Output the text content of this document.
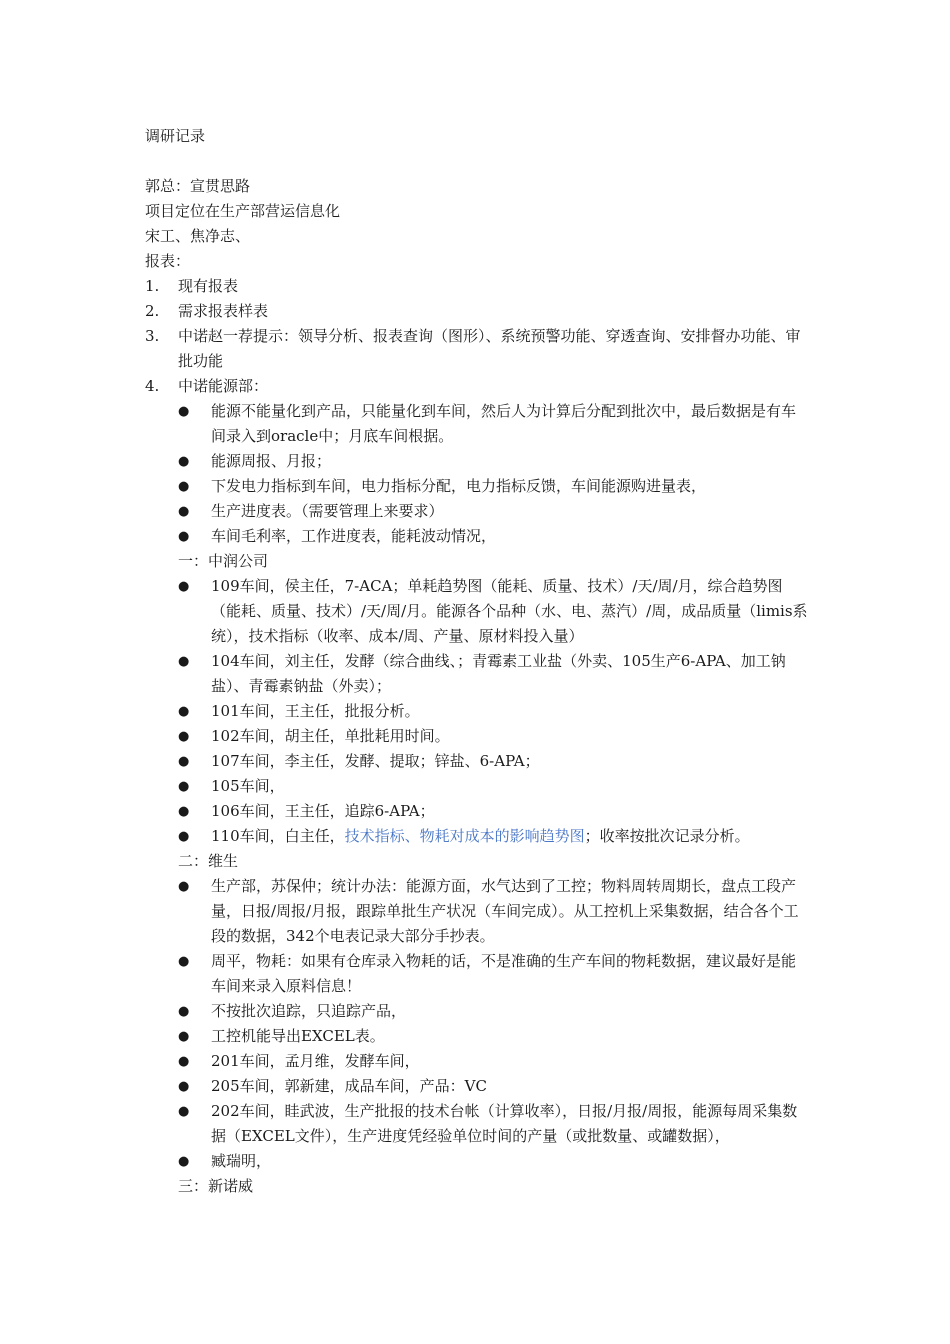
调研记录
郭总：宣贯思路
项目定位在生产部营运信息化
宋工、焦净志、
报表：
1.	现有报表
2.	需求报表样表
3.	中诺赵一荐提示：领导分析、报表查询（图形）、系统预警功能、穿透查询、安排督办功能、审批功能
4.	中诺能源部：
●	能源不能量化到产品，只能量化到车间，然后人为计算后分配到批次中，最后数据是有车间录入到oracle中；月底车间根据。

●	能源周报、月报；

●	下发电力指标到车间，电力指标分配，电力指标反馈，车间能源购进量表，

●	生产进度表。（需要管理上来要求）

●	车间毛利率，工作进度表，能耗波动情况，

一：中润公司
●	109车间，侯主任，7-ACA；单耗趋势图（能耗、质量、技术）/天/周/月，综合趋势图（能耗、质量、技术）/天/周/月。能源各个品种（水、电、蒸汽）/周，成品质量（limis系统），技术指标（收率、成本/周、产量、原材料投入量）

●	104车间，刘主任，发酵（综合曲线、；青霉素工业盐（外卖、105生产6-APA、加工钠盐）、青霉素钠盐（外卖）；

●	101车间，王主任，批报分析。

●	102车间，胡主任，单批耗用时间。

●	107车间，李主任，发酵、提取；锌盐、6-APA；

●	105车间，

●	106车间，王主任，追踪6-APA；

●	110车间，白主任，技术指标、物耗对成本的影响趋势图；收率按批次记录分析。

二：维生
●	生产部，苏保仲；统计办法：能源方面，水气达到了工控；物料周转周期长，盘点工段产量，日报/周报/月报，跟踪单批生产状况（车间完成）。从工控机上采集数据，结合各个工段的数据，342个电表记录大部分手抄表。

●	周平，物耗：如果有仓库录入物耗的话，不是准确的生产车间的物耗数据，建议最好是能车间来录入原料信息！

●	不按批次追踪，只追踪产品，

●	工控机能导出EXCEL表。

●	201车间，孟月维，发酵车间，

●	205车间，郭新建，成品车间，产品：VC

●	202车间，眭武波，生产批报的技术台帐（计算收率），日报/月报/周报，能源每周采集数据（EXCEL文件），生产进度凭经验单位时间的产量（或批数量、或罐数据），

●	臧瑞明，

三：新诺威
